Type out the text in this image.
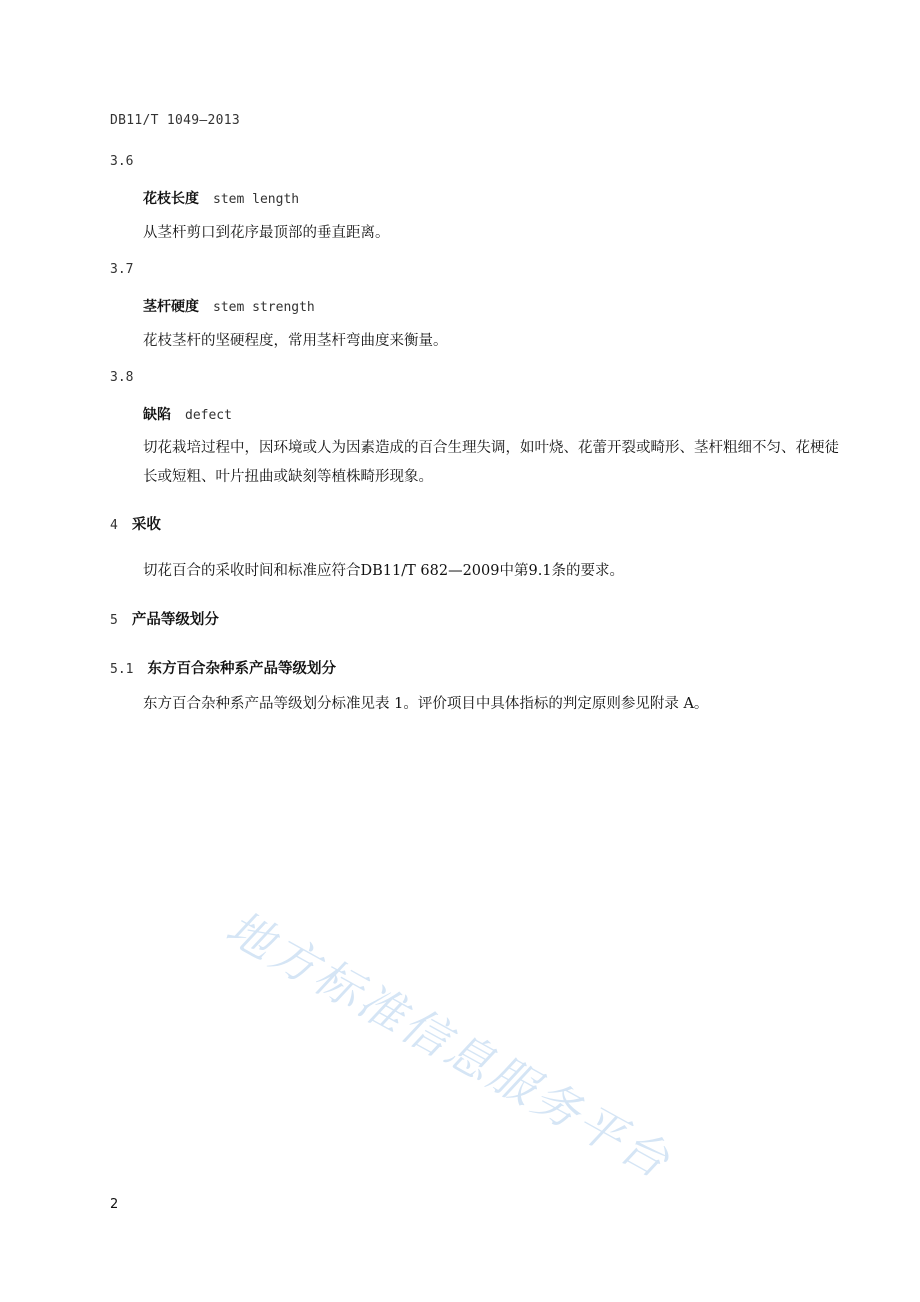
DB11/T 1049—2013
3.6
花枝长度 stem length
从茎杆剪口到花序最顶部的垂直距离。
3.7
茎杆硬度 stem strength
花枝茎杆的坚硬程度，常用茎杆弯曲度来衡量。
3.8
缺陷 defect
切花栽培过程中，因环境或人为因素造成的百合生理失调，如叶烧、花蕾开裂或畸形、茎杆粗细不匀、花梗徒长或短粗、叶片扭曲或缺刻等植株畸形现象。
4 采收
切花百合的采收时间和标准应符合DB11/T 682—2009中第9.1条的要求。
5 产品等级划分
5.1 东方百合杂种系产品等级划分
东方百合杂种系产品等级划分标准见表 1。评价项目中具体指标的判定原则参见附录 A。
地方标准信息服务平台
2
